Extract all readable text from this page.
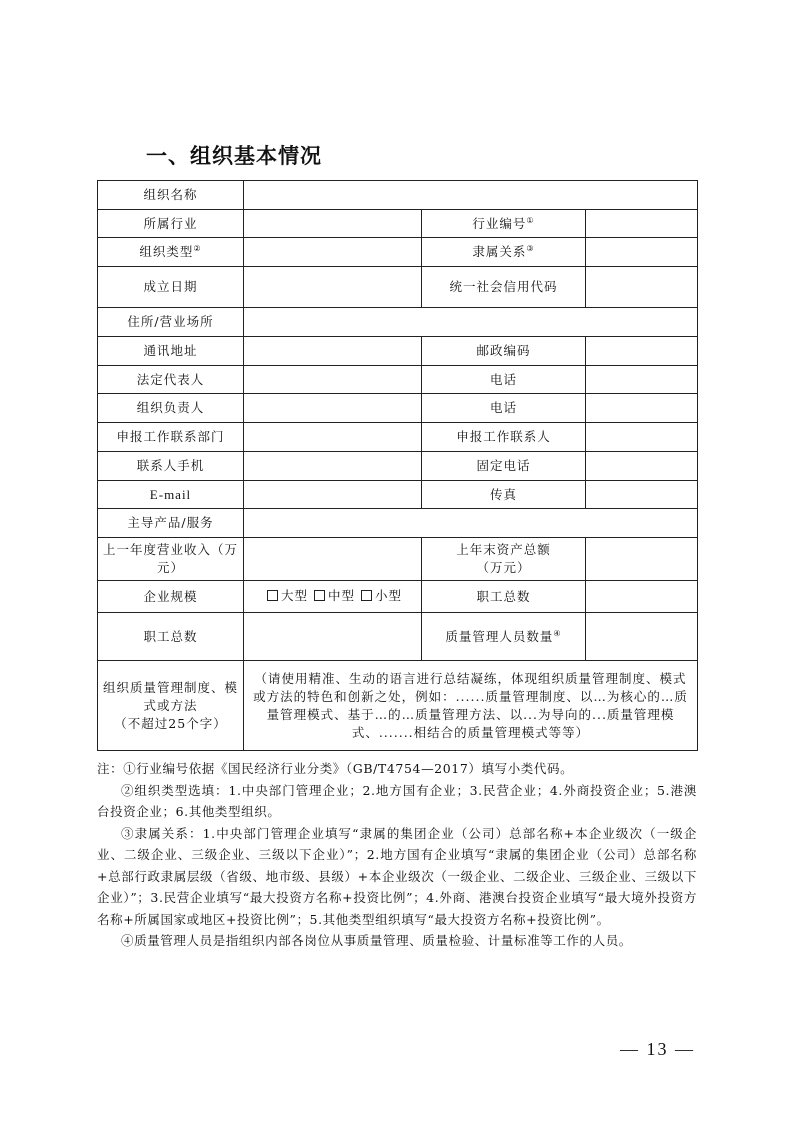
一、组织基本情况
组织名称			
所属行业		行业编号①	
组织类型②		隶属关系③	
成立日期		统一社会信用代码	
住所/营业场所			
通讯地址		邮政编码	
法定代表人		电话	
组织负责人		电话	
申报工作联系部门		申报工作联系人	
联系人手机		固定电话	
E-mail		传真	
主导产品/服务			
上一年度营业收入（万元）		上年末资产总额
（万元）	
企业规模	大型 中型 小型	职工总数	
职工总数		质量管理人员数量④	
组织质量管理制度、模式或方法
（不超过25个字）	（请使用精准、生动的语言进行总结凝练，体现组织质量管理制度、模式或方法的特色和创新之处，例如：......质量管理制度、以…为核心的…质量管理模式、基于…的…质量管理方法、以...为导向的...质量管理模式、.......相结合的质量管理模式等等）		

注：①行业编号依据《国民经济行业分类》（GB/T4754—2017）填写小类代码。

②组织类型选填：1.中央部门管理企业；2.地方国有企业；3.民营企业；4.外商投资企业；5.港澳台投资企业；6.其他类型组织。

③隶属关系：1.中央部门管理企业填写“隶属的集团企业（公司）总部名称+本企业级次（一级企业、二级企业、三级企业、三级以下企业）”；2.地方国有企业填写“隶属的集团企业（公司）总部名称+总部行政隶属层级（省级、地市级、县级）+本企业级次（一级企业、二级企业、三级企业、三级以下企业）”；3.民营企业填写“最大投资方名称+投资比例”；4.外商、港澳台投资企业填写“最大境外投资方名称+所属国家或地区+投资比例”；5.其他类型组织填写“最大投资方名称+投资比例”。

④质量管理人员是指组织内部各岗位从事质量管理、质量检验、计量标准等工作的人员。

— 13 —
